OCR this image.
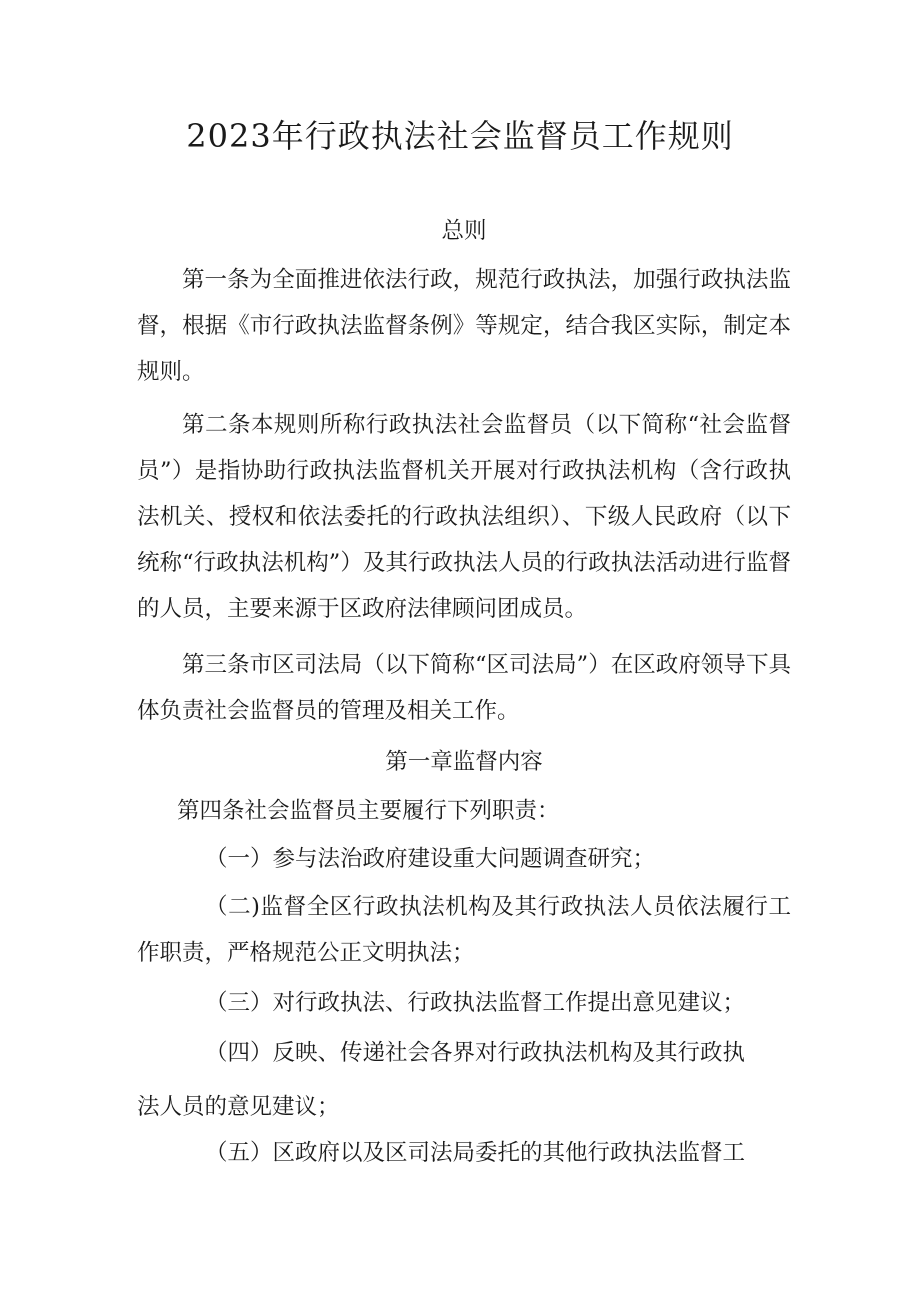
2023年行政执法社会监督员工作规则

总则

第一条为全面推进依法行政，规范行政执法，加强行政执法监督，根据《市行政执法监督条例》等规定，结合我区实际，制定本规则。

第二条本规则所称行政执法社会监督员（以下简称“社会监督员”）是指协助行政执法监督机关开展对行政执法机构（含行政执法机关、授权和依法委托的行政执法组织）、下级人民政府（以下统称“行政执法机构”）及其行政执法人员的行政执法活动进行监督的人员，主要来源于区政府法律顾问团成员。

第三条市区司法局（以下简称“区司法局”）在区政府领导下具体负责社会监督员的管理及相关工作。

第一章监督内容

第四条社会监督员主要履行下列职责：

（一）参与法治政府建设重大问题调查研究；

（二)监督全区行政执法机构及其行政执法人员依法履行工作职责，严格规范公正文明执法；

（三）对行政执法、行政执法监督工作提出意见建议；

（四）反映、传递社会各界对行政执法机构及其行政执

法人员的意见建议；

（五）区政府以及区司法局委托的其他行政执法监督工
